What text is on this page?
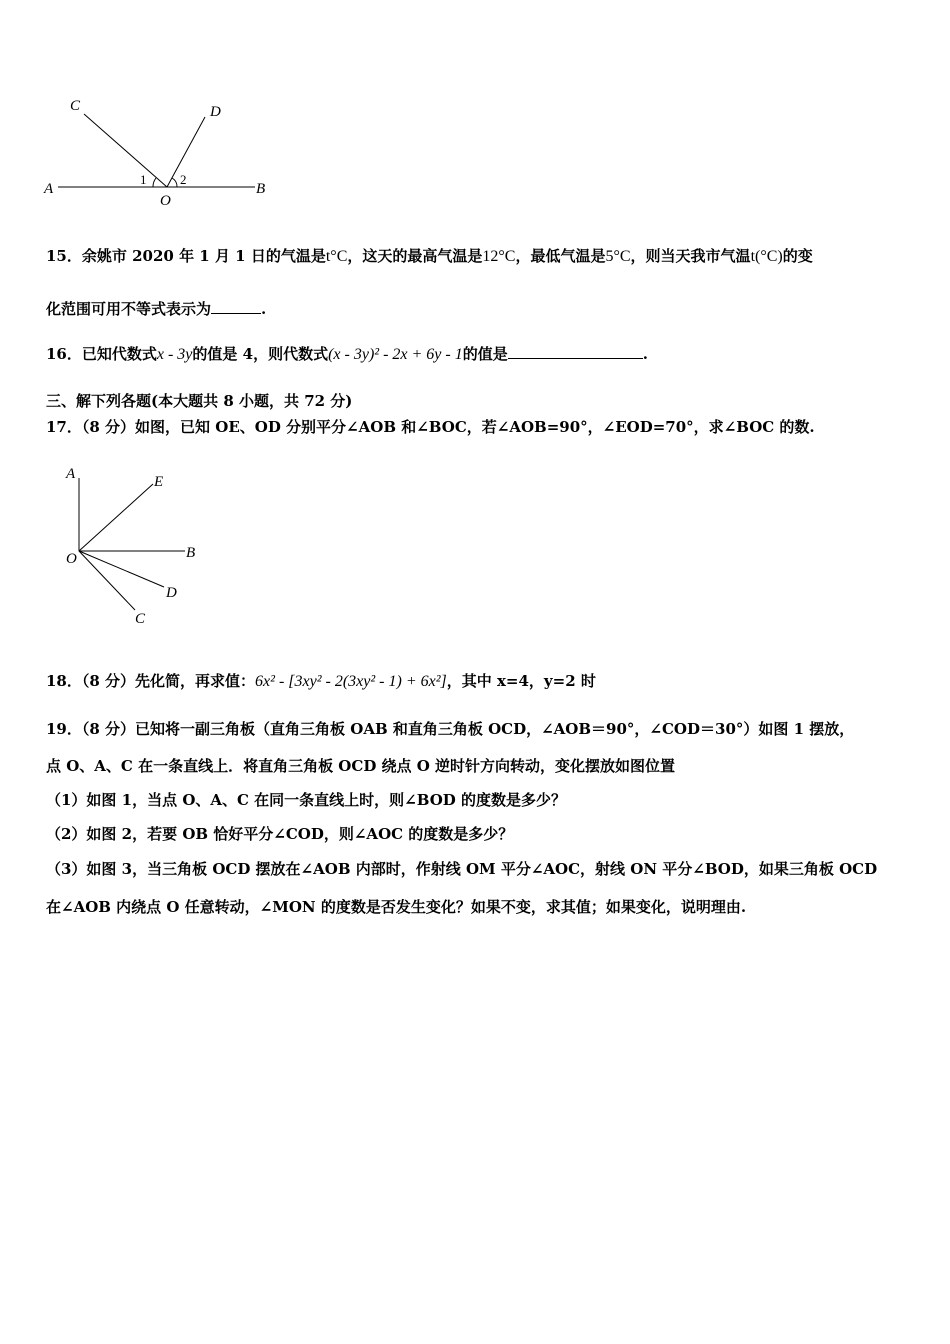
C	D
A	B
O
1	2
15．余姚市 2020 年 1 月 1 日的气温是t°C，这天的最高气温是12°C，最低气温是5°C，则当天我市气温t(°C)的变
化范围可用不等式表示为	.
16．已知代数式x - 3y的值是 4，则代数式(x - 3y)² - 2x + 6y - 1的值是	.
三、解下列各题(本大题共 8 小题，共 72 分)
17．（8 分）如图，已知 OE、OD 分别平分∠AOB 和∠BOC，若∠AOB=90°，∠EOD=70°，求∠BOC 的数.
A	E
O	B
D
C
18．（8 分）先化简，再求值：6x² - [3xy² - 2(3xy² - 1) + 6x²]，其中 x=4，y=2 时
19．（8 分）已知将一副三角板（直角三角板 OAB 和直角三角板 OCD，∠AOB＝90°，∠COD＝30°）如图 1 摆放，
点 O、A、C 在一条直线上．将直角三角板 OCD 绕点 O 逆时针方向转动，变化摆放如图位置
（1）如图 1，当点 O、A、C 在同一条直线上时，则∠BOD 的度数是多少？
（2）如图 2，若要 OB 恰好平分∠COD，则∠AOC 的度数是多少？
（3）如图 3，当三角板 OCD 摆放在∠AOB 内部时，作射线 OM 平分∠AOC，射线 ON 平分∠BOD，如果三角板 OCD
在∠AOB 内绕点 O 任意转动，∠MON 的度数是否发生变化？如果不变，求其值；如果变化，说明理由.
